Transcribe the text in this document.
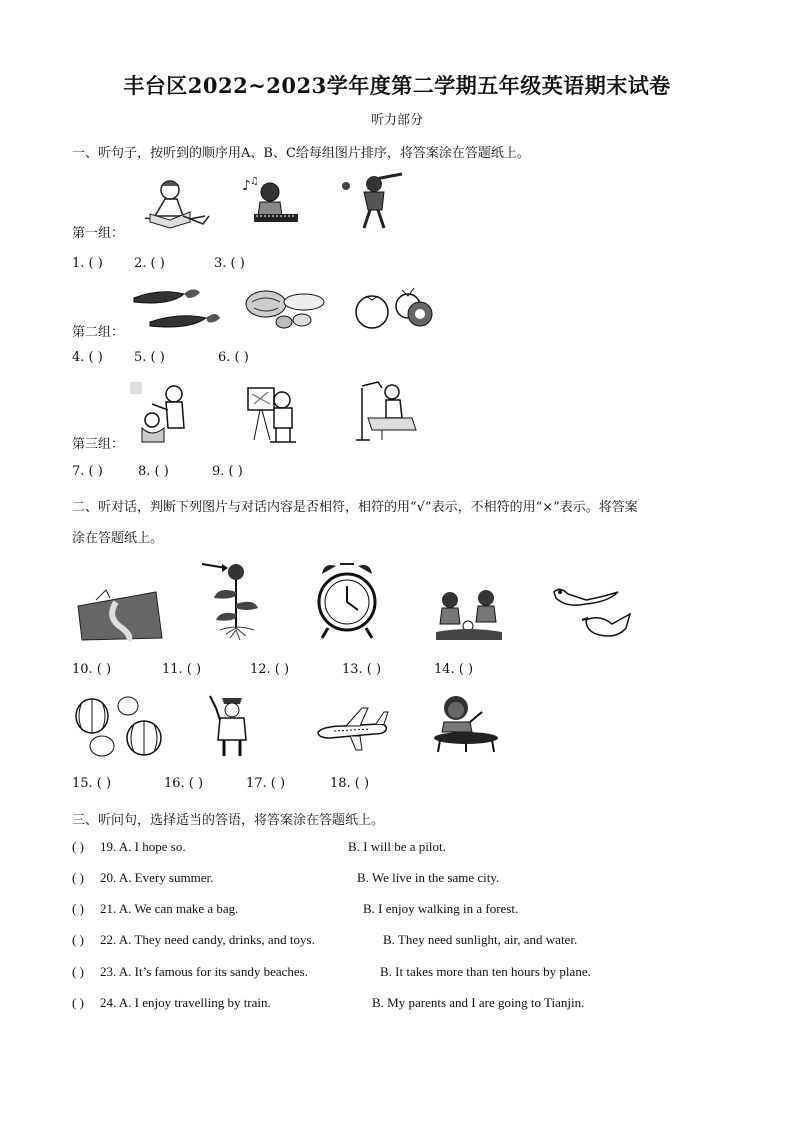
丰台区2022~2023学年度第二学期五年级英语期末试卷
听力部分
一、听句子，按听到的顺序用A、B、C给每组图片排序，将答案涂在答题纸上。
♪ ♫
第一组：
1. ( ) 2. ( )	3. ( )
第二组：
4. ( ) 5. ( )	6. ( )
第三组：
7. ( )	8. ( )	9. ( )
二、听对话，判断下列图片与对话内容是否相符，相符的用“√”表示，不相符的用“×”表示。将答案
涂在答题纸上。
10. ( )	11. ( )	12. ( )	13. ( )	14. ( )
15. ( )	16. ( )	17. ( )	18. ( )
三、听问句，选择适当的答语，将答案涂在答题纸上。
( ) 19. A. I hope so.	B. I will be a pilot.
( ) 20. A. Every summer.	B. We live in the same city.
( ) 21. A. We can make a bag.	B. I enjoy walking in a forest.
( ) 22. A. They need candy, drinks, and toys.	B. They need sunlight, air, and water.
( ) 23. A. It’s famous for its sandy beaches.	B. It takes more than ten hours by plane.
( ) 24. A. I enjoy travelling by train.	B. My parents and I are going to Tianjin.
